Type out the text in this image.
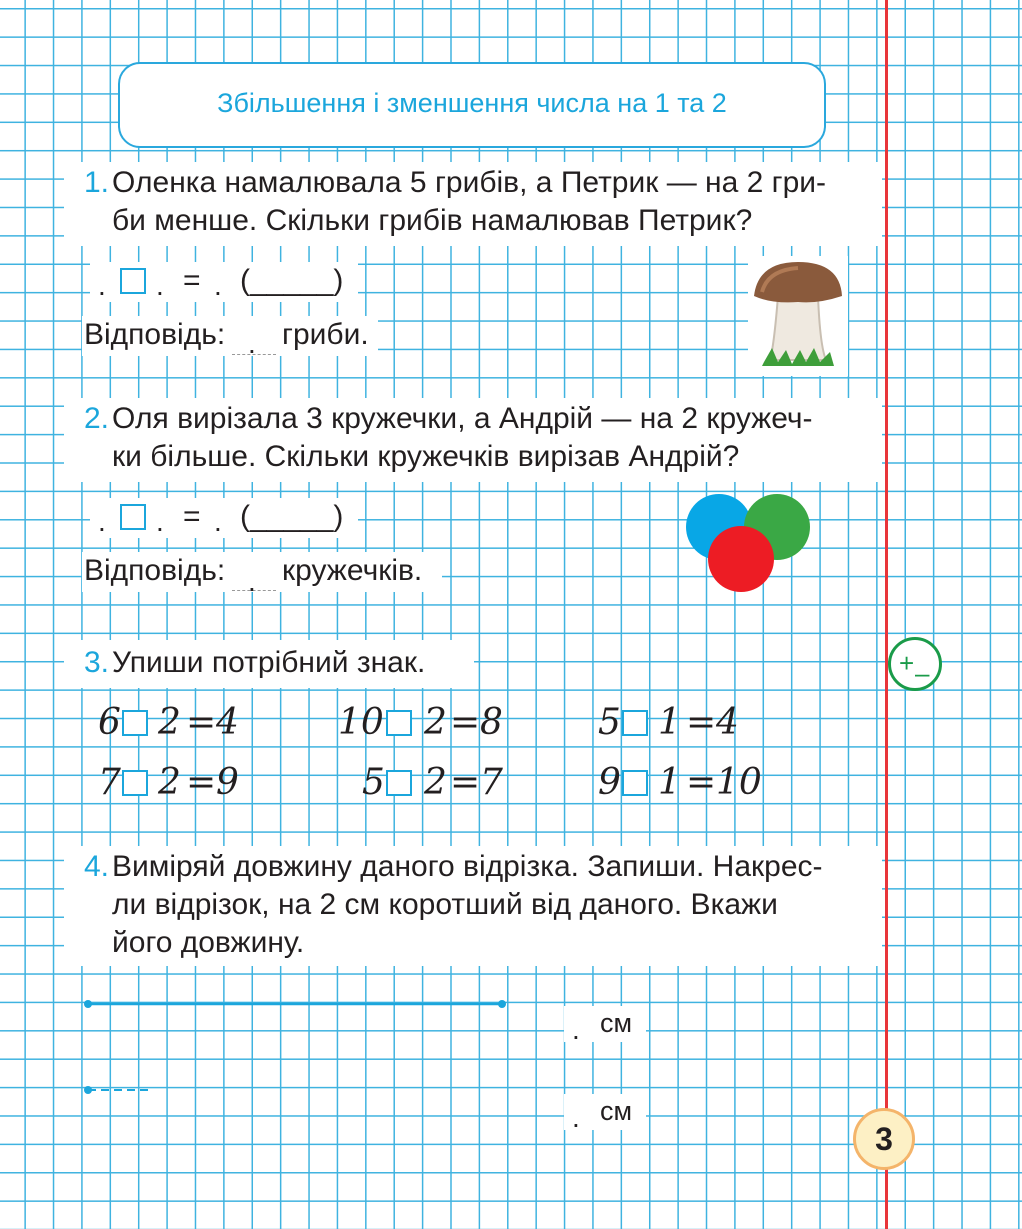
Збільшення і зменшення числа на 1 та 2
1. Оленка намалювала 5 грибів, а Петрик — на 2 гри-
би менше. Скільки грибів намалював Петрик?
. . = . (_____)
Відповідь: . гриби.
2. Оля вирізала 3 кружечки, а Андрій — на 2 кружеч-
ки більше. Скільки кружечків вирізав Андрій?
. . = . (_____)
Відповідь: . кружечків.
3. Упиши потрібний знак.	+ –
6 2 = 4	10 2 = 8	5 1 = 4
7 2 = 9	5 2 = 7	9 1 = 10
4. Виміряй довжину даного відрізка. Запиши. Накрес-
ли відрізок, на 2 см коротший від даного. Вкажи
його довжину.
. см
. см
3
